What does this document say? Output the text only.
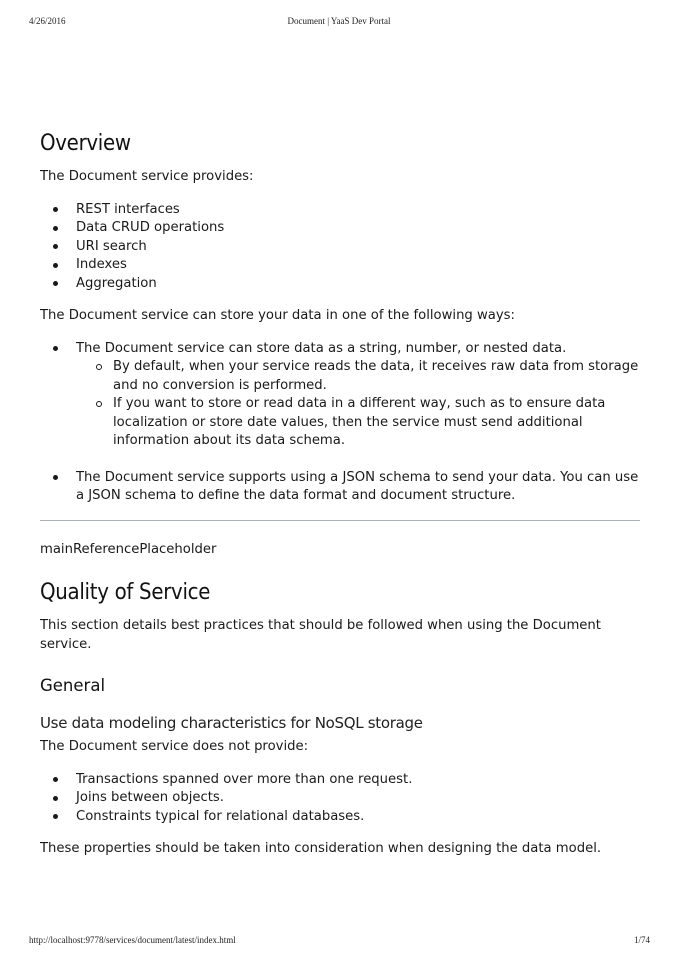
4/26/2016	Document | YaaS Dev Portal
Overview

The Document service provides:

REST interfaces
Data CRUD operations
URI search
Indexes
Aggregation

The Document service can store your data in one of the following ways:

The Document service can store data as a string, number, or nested data.
By default, when your service reads the data, it receives raw data from storage and no conversion is performed.
If you want to store or read data in a different way, such as to ensure data localization or store date values, then the service must send additional information about its data schema.
The Document service supports using a JSON schema to send your data. You can use a JSON schema to define the data format and document structure.

mainReferencePlaceholder

Quality of Service

This section details best practices that should be followed when using the Document service.

General
Use data modeling characteristics for NoSQL storage

The Document service does not provide:

Transactions spanned over more than one request.
Joins between objects.
Constraints typical for relational databases.

These properties should be taken into consideration when designing the data model.

http://localhost:9778/services/document/latest/index.html	1/74
